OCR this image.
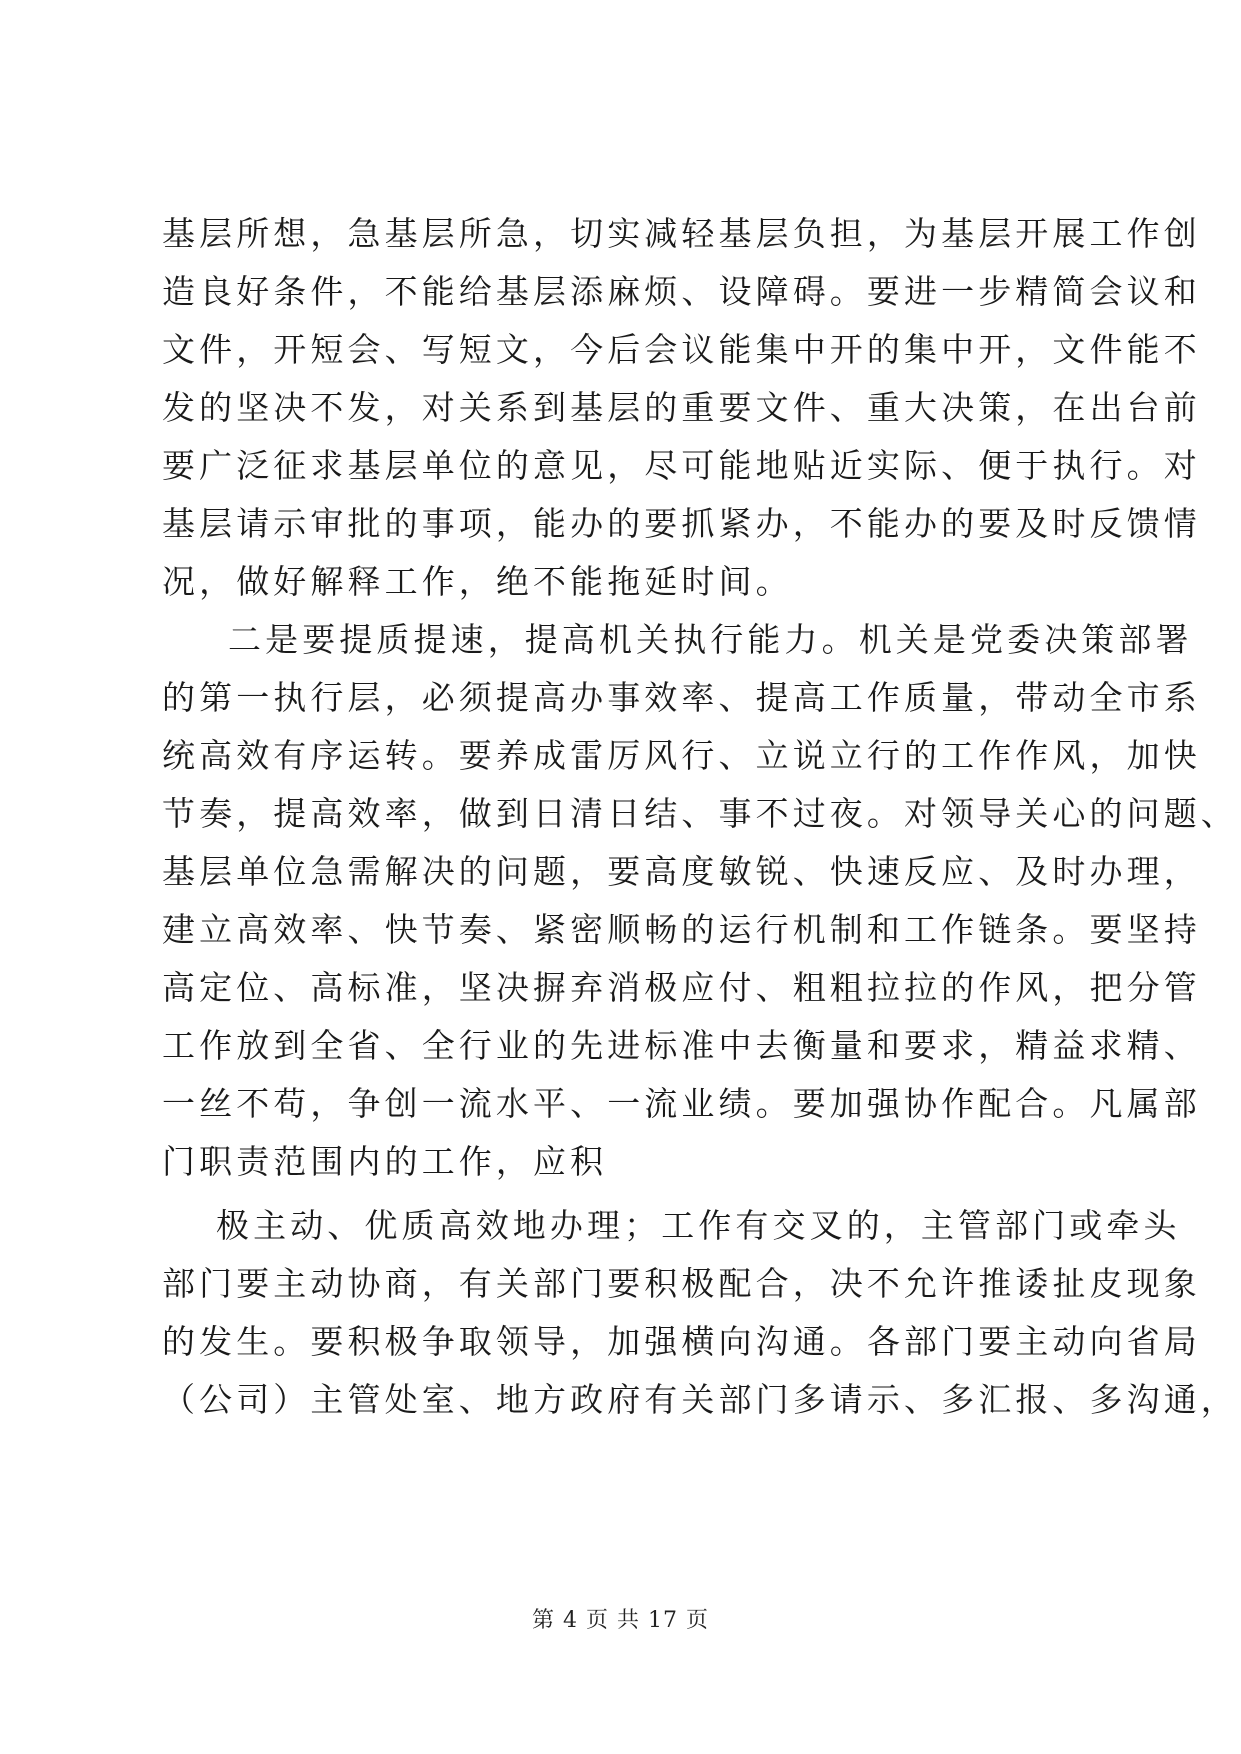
基层所想，急基层所急，切实减轻基层负担，为基层开展工作创
造良好条件，不能给基层添麻烦、设障碍。要进一步精简会议和
文件，开短会、写短文，今后会议能集中开的集中开，文件能不
发的坚决不发，对关系到基层的重要文件、重大决策，在出台前
要广泛征求基层单位的意见，尽可能地贴近实际、便于执行。对
基层请示审批的事项，能办的要抓紧办，不能办的要及时反馈情
况，做好解释工作，绝不能拖延时间。
二是要提质提速，提高机关执行能力。机关是党委决策部署
的第一执行层，必须提高办事效率、提高工作质量，带动全市系
统高效有序运转。要养成雷厉风行、立说立行的工作作风，加快
节奏，提高效率，做到日清日结、事不过夜。对领导关心的问题、
基层单位急需解决的问题，要高度敏锐、快速反应、及时办理，
建立高效率、快节奏、紧密顺畅的运行机制和工作链条。要坚持
高定位、高标准，坚决摒弃消极应付、粗粗拉拉的作风，把分管
工作放到全省、全行业的先进标准中去衡量和要求，精益求精、
一丝不苟，争创一流水平、一流业绩。要加强协作配合。凡属部
门职责范围内的工作，应积
极主动、优质高效地办理；工作有交叉的，主管部门或牵头
部门要主动协商，有关部门要积极配合，决不允许推诿扯皮现象
的发生。要积极争取领导，加强横向沟通。各部门要主动向省局
（公司）主管处室、地方政府有关部门多请示、多汇报、多沟通，
第 4 页 共 17 页
